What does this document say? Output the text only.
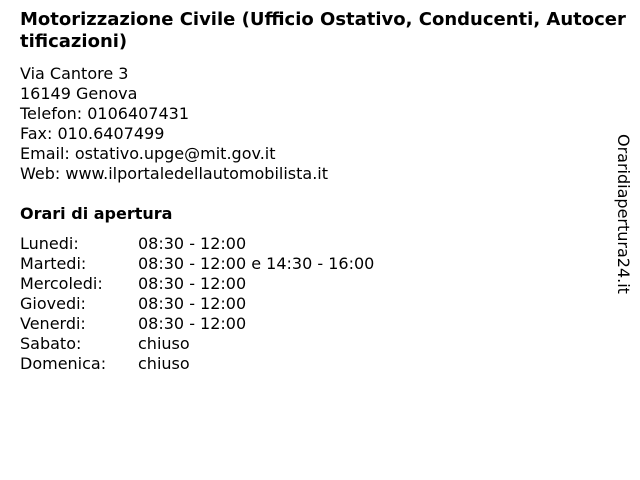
Motorizzazione Civile (Ufficio Ostativo, Conducenti, Autocertificazioni)
Via Cantore 3
16149 Genova
Telefon: 0106407431
Fax: 010.6407499
Email: ostativo.upge@mit.gov.it
Web: www.ilportaledellautomobilista.it
Orari di apertura
Lunedi:	08:30 - 12:00
Martedi:	08:30 - 12:00 e 14:30 - 16:00
Mercoledi: 08:30 - 12:00
Giovedi:	08:30 - 12:00
Venerdi:	08:30 - 12:00
Sabato:	chiuso
Domenica: chiuso
Oraridiapertura24.it
